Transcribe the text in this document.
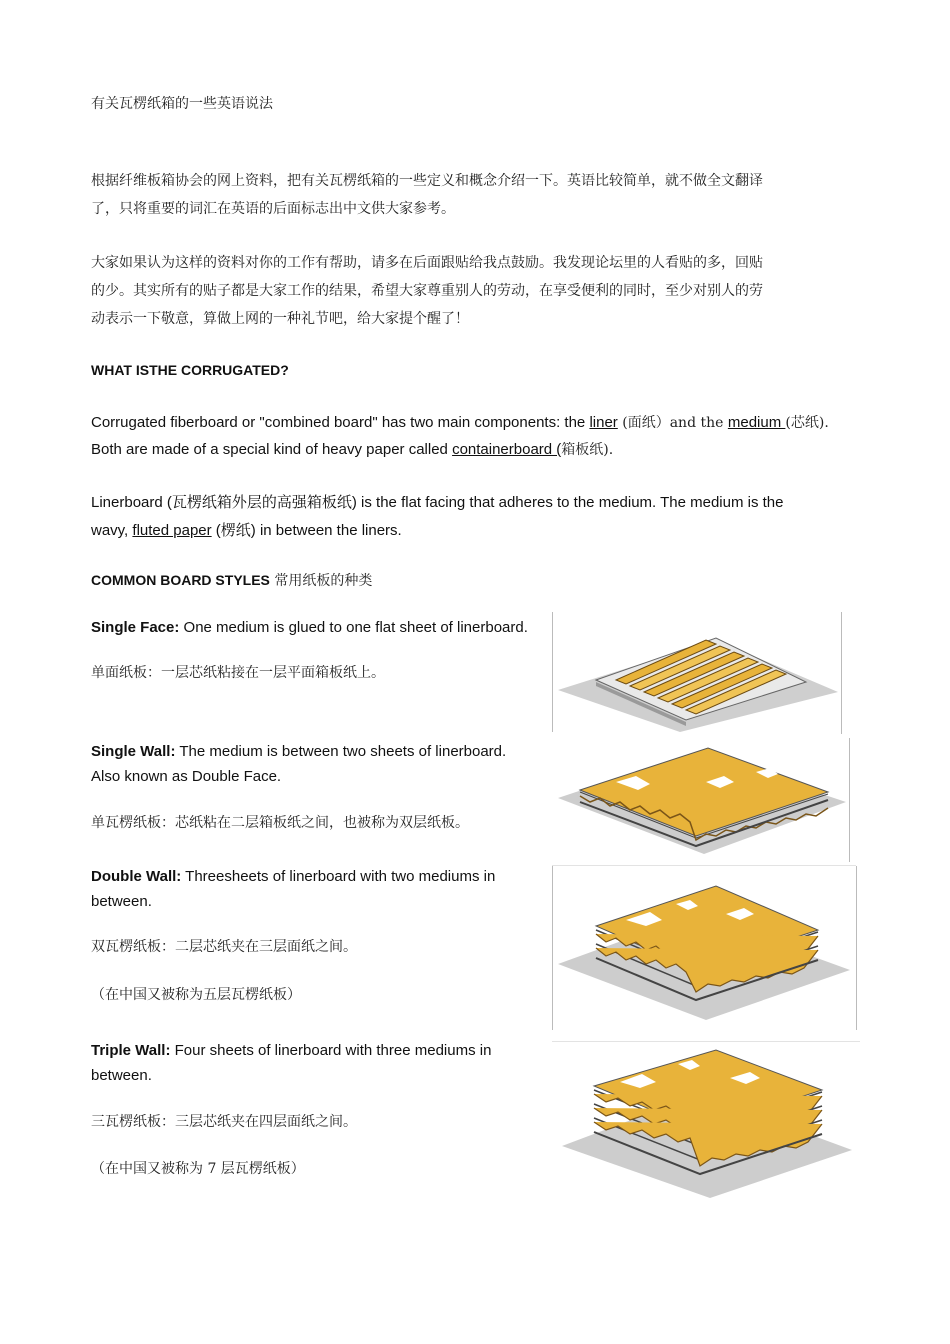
有关瓦楞纸箱的一些英语说法
根据纤维板箱协会的网上资料，把有关瓦楞纸箱的一些定义和概念介绍一下。英语比较简单，就不做全文翻译
了，只将重要的词汇在英语的后面标志出中文供大家参考。
大家如果认为这样的资料对你的工作有帮助，请多在后面跟贴给我点鼓励。我发现论坛里的人看贴的多，回贴
的少。其实所有的贴子都是大家工作的结果，希望大家尊重别人的劳动，在享受便利的同时，至少对别人的劳
动表示一下敬意，算做上网的一种礼节吧，给大家提个醒了！
WHAT ISTHE CORRUGATED?
Corrugated fiberboard or "combined board" has two main components: the liner (面纸）and the medium (芯纸).
Both are made of a special kind of heavy paper called containerboard (箱板纸).
Linerboard (瓦楞纸箱外层的高强箱板纸) is the flat facing that adheres to the medium. The medium is the
wavy, fluted paper (楞纸) in between the liners.
COMMON BOARD STYLES 常用纸板的种类
Single Face: One medium is glued to one flat sheet of linerboard.
单面纸板：一层芯纸粘接在一层平面箱板纸上。
Single Wall: The medium is between two sheets of linerboard.
Also known as Double Face.
单瓦楞纸板：芯纸粘在二层箱板纸之间，也被称为双层纸板。
Double Wall: Threesheets of linerboard with two mediums in
between.
双瓦楞纸板：二层芯纸夹在三层面纸之间。
（在中国又被称为五层瓦楞纸板）
Triple Wall: Four sheets of linerboard with three mediums in
between.
三瓦楞纸板：三层芯纸夹在四层面纸之间。
（在中国又被称为 7 层瓦楞纸板）
